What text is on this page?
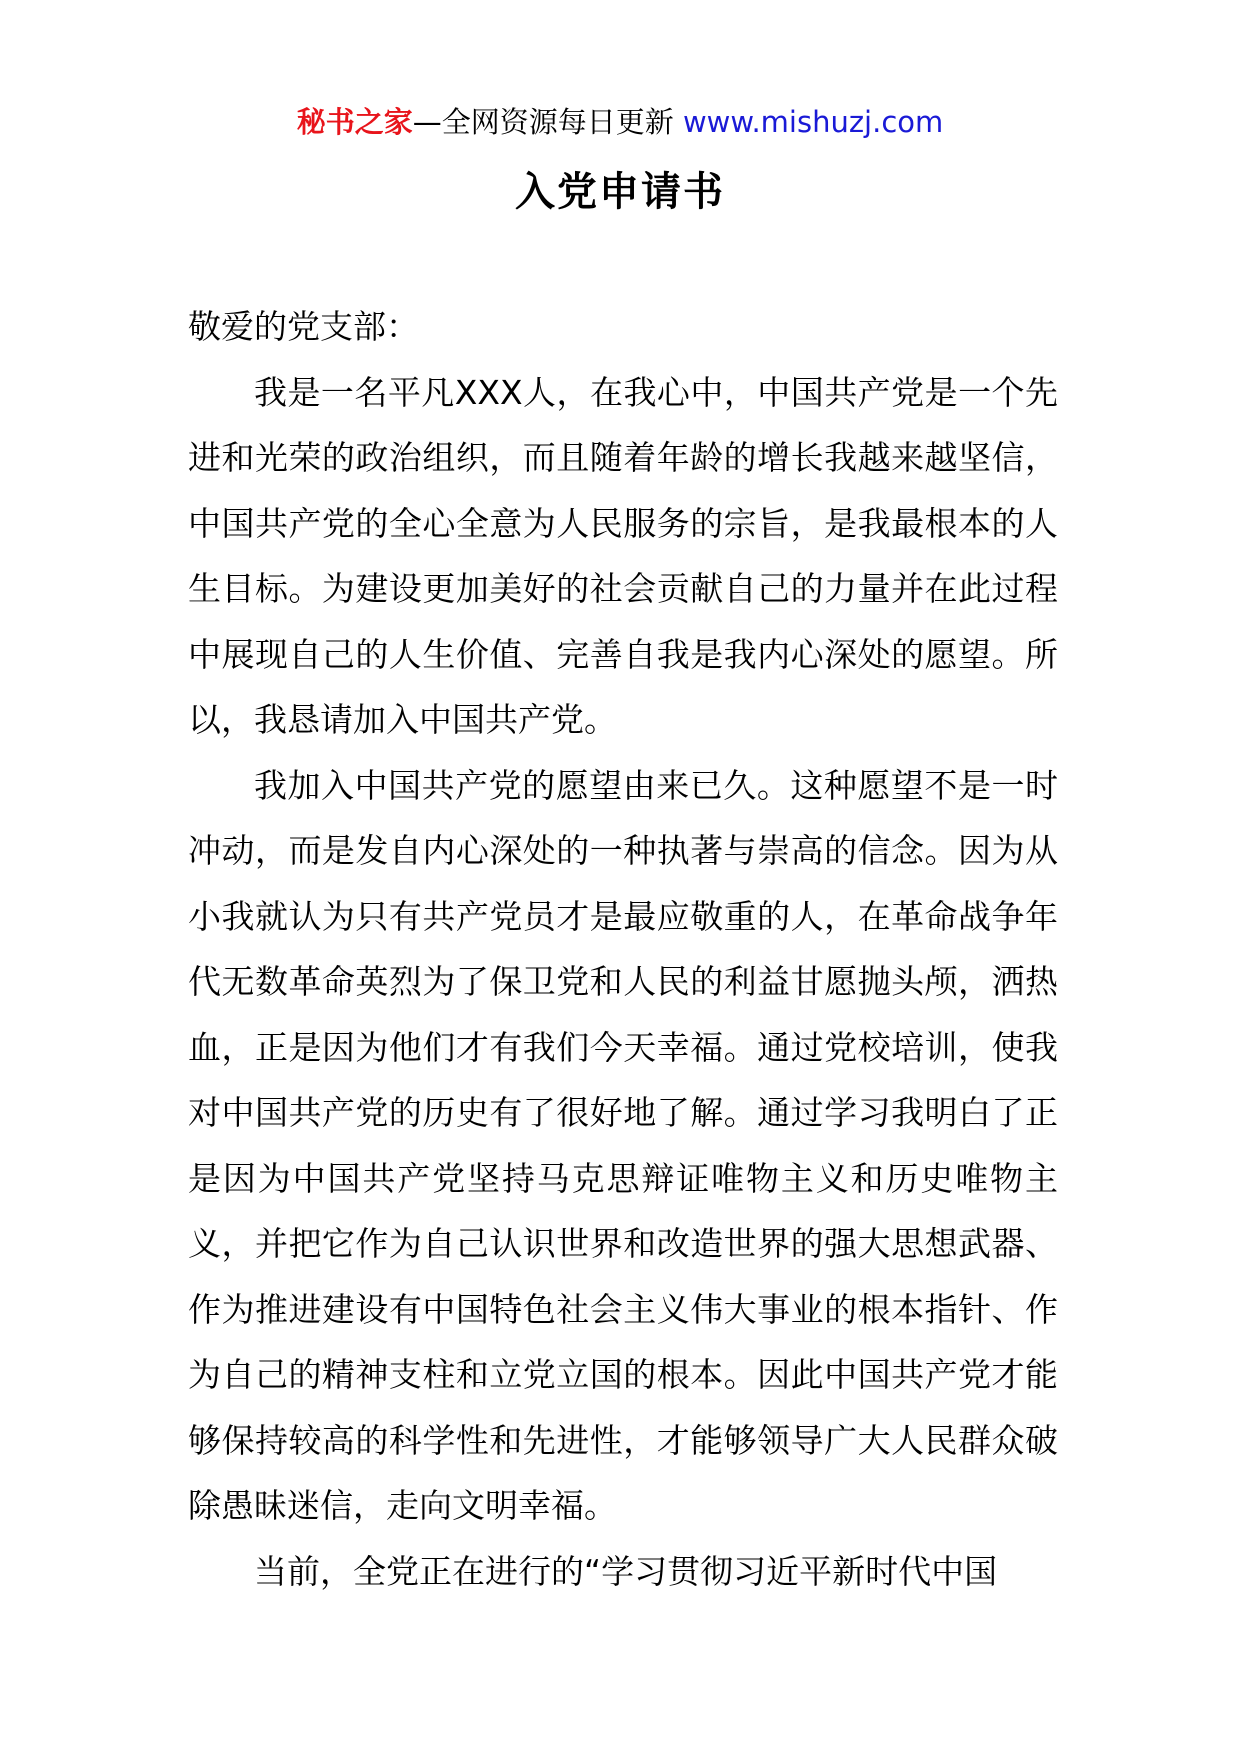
秘书之家—全网资源每日更新 www.mishuzj.com
入党申请书

敬爱的党支部：

我是一名平凡XXX人，在我心中，中国共产党是一个先进和光荣的政治组织，而且随着年龄的增长我越来越坚信，中国共产党的全心全意为人民服务的宗旨，是我最根本的人生目标。为建设更加美好的社会贡献自己的力量并在此过程中展现自己的人生价值、完善自我是我内心深处的愿望。所以，我恳请加入中国共产党。

我加入中国共产党的愿望由来已久。这种愿望不是一时冲动，而是发自内心深处的一种执著与崇高的信念。因为从小我就认为只有共产党员才是最应敬重的人，在革命战争年代无数革命英烈为了保卫党和人民的利益甘愿抛头颅，洒热血，正是因为他们才有我们今天幸福。通过党校培训，使我对中国共产党的历史有了很好地了解。通过学习我明白了正是因为中国共产党坚持马克思辩证唯物主义和历史唯物主义，并把它作为自己认识世界和改造世界的强大思想武器、作为推进建设有中国特色社会主义伟大事业的根本指针、作为自己的精神支柱和立党立国的根本。因此中国共产党才能够保持较高的科学性和先进性，才能够领导广大人民群众破除愚昧迷信，走向文明幸福。

当前，全党正在进行的“学习贯彻习近平新时代中国
